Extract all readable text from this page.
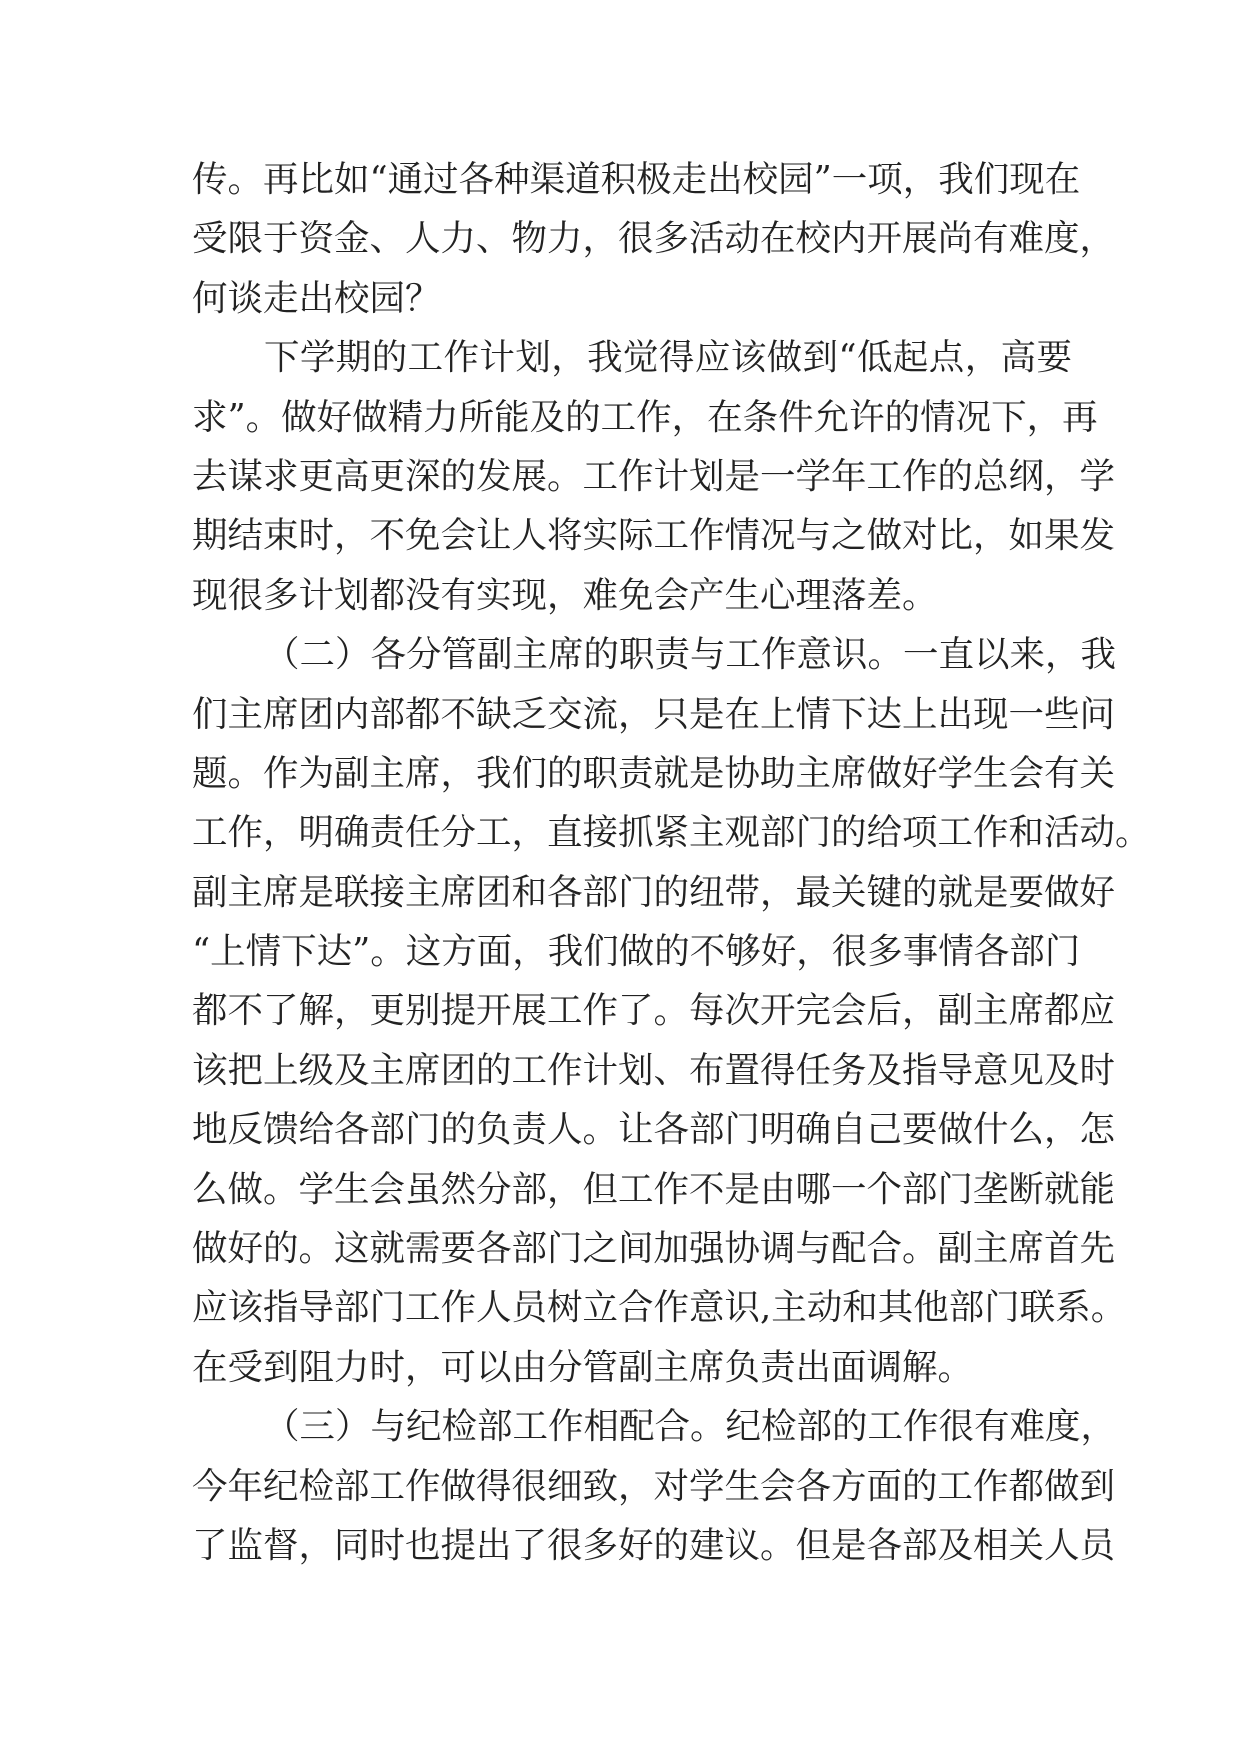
传。再比如“通过各种渠道积极走出校园”一项，我们现在
受限于资金、人力、物力，很多活动在校内开展尚有难度，
何谈走出校园？
下学期的工作计划，我觉得应该做到“低起点，高要
求”。做好做精力所能及的工作，在条件允许的情况下，再
去谋求更高更深的发展。工作计划是一学年工作的总纲，学
期结束时，不免会让人将实际工作情况与之做对比，如果发
现很多计划都没有实现，难免会产生心理落差。
（二）各分管副主席的职责与工作意识。一直以来，我
们主席团内部都不缺乏交流，只是在上情下达上出现一些问
题。作为副主席，我们的职责就是协助主席做好学生会有关
工作，明确责任分工，直接抓紧主观部门的给项工作和活动。
副主席是联接主席团和各部门的纽带，最关键的就是要做好
“上情下达”。这方面，我们做的不够好，很多事情各部门
都不了解，更别提开展工作了。每次开完会后，副主席都应
该把上级及主席团的工作计划、布置得任务及指导意见及时
地反馈给各部门的负责人。让各部门明确自己要做什么，怎
么做。学生会虽然分部，但工作不是由哪一个部门垄断就能
做好的。这就需要各部门之间加强协调与配合。副主席首先
应该指导部门工作人员树立合作意识,主动和其他部门联系。
在受到阻力时，可以由分管副主席负责出面调解。
（三）与纪检部工作相配合。纪检部的工作很有难度，
今年纪检部工作做得很细致，对学生会各方面的工作都做到
了监督，同时也提出了很多好的建议。但是各部及相关人员
